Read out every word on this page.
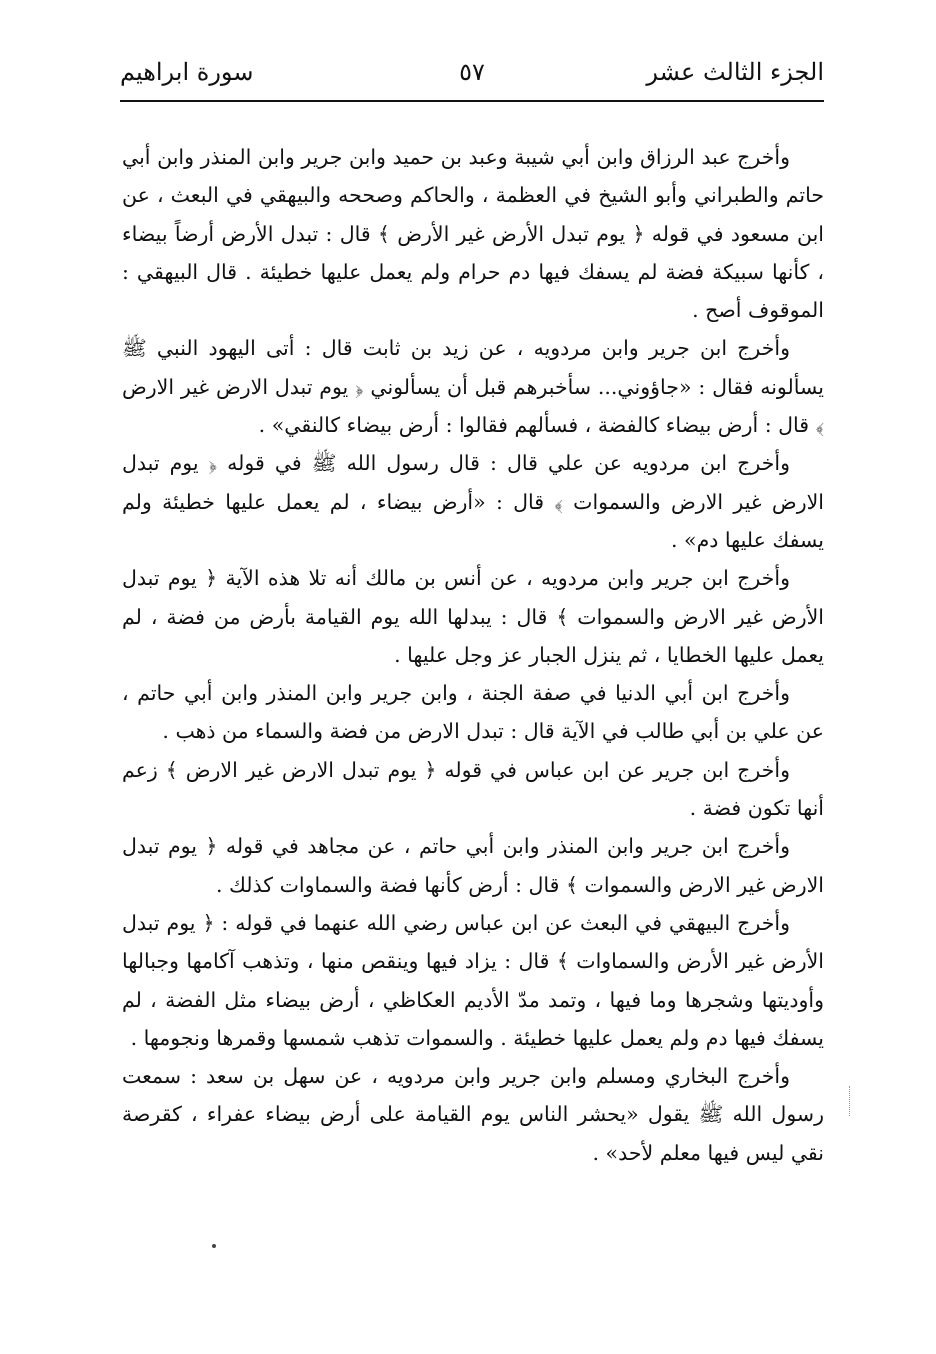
الجزء الثالث عشر
٥٧
سورة ابراهيم

وأخرج عبد الرزاق وابن أبي شيبة وعبد بن حميد وابن جرير وابن المنذر وابن أبي حاتم والطبراني وأبو الشيخ في العظمة ، والحاكم وصححه والبيهقي في البعث ، عن ابن مسعود في قوله ﴿ يوم تبدل الأرض غير الأرض ﴾ قال : تبدل الأرض أرضاً بيضاء ، كأنها سبيكة فضة لم يسفك فيها دم حرام ولم يعمل عليها خطيئة . قال البيهقي : الموقوف أصح .

وأخرج ابن جرير وابن مردويه ، عن زيد بن ثابت قال : أتى اليهود النبي ﷺ يسألونه فقال : «جاؤوني... سأخبرهم قبل أن يسألوني ﴿ يوم تبدل الارض غير الارض ﴾ قال : أرض بيضاء كالفضة ، فسألهم فقالوا : أرض بيضاء كالنقي» .

وأخرج ابن مردويه عن علي قال : قال رسول الله ﷺ في قوله ﴿ يوم تبدل الارض غير الارض والسموات ﴾ قال : «أرض بيضاء ، لم يعمل عليها خطيئة ولم يسفك عليها دم» .

وأخرج ابن جرير وابن مردويه ، عن أنس بن مالك أنه تلا هذه الآية ﴿ يوم تبدل الأرض غير الارض والسموات ﴾ قال : يبدلها الله يوم القيامة بأرض من فضة ، لم يعمل عليها الخطايا ، ثم ينزل الجبار عز وجل عليها .

وأخرج ابن أبي الدنيا في صفة الجنة ، وابن جرير وابن المنذر وابن أبي حاتم ، عن علي بن أبي طالب في الآية قال : تبدل الارض من فضة والسماء من ذهب .

وأخرج ابن جرير عن ابن عباس في قوله ﴿ يوم تبدل الارض غير الارض ﴾ زعم أنها تكون فضة .

وأخرج ابن جرير وابن المنذر وابن أبي حاتم ، عن مجاهد في قوله ﴿ يوم تبدل الارض غير الارض والسموات ﴾ قال : أرض كأنها فضة والسماوات كذلك .

وأخرج البيهقي في البعث عن ابن عباس رضي الله عنهما في قوله : ﴿ يوم تبدل الأرض غير الأرض والسماوات ﴾ قال : يزاد فيها وينقص منها ، وتذهب آكامها وجبالها وأوديتها وشجرها وما فيها ، وتمد مدّ الأديم العكاظي ، أرض بيضاء مثل الفضة ، لم يسفك فيها دم ولم يعمل عليها خطيئة . والسموات تذهب شمسها وقمرها ونجومها .

وأخرج البخاري ومسلم وابن جرير وابن مردويه ، عن سهل بن سعد : سمعت رسول الله ﷺ يقول «يحشر الناس يوم القيامة على أرض بيضاء عفراء ، كقرصة نقي ليس فيها معلم لأحد» .
